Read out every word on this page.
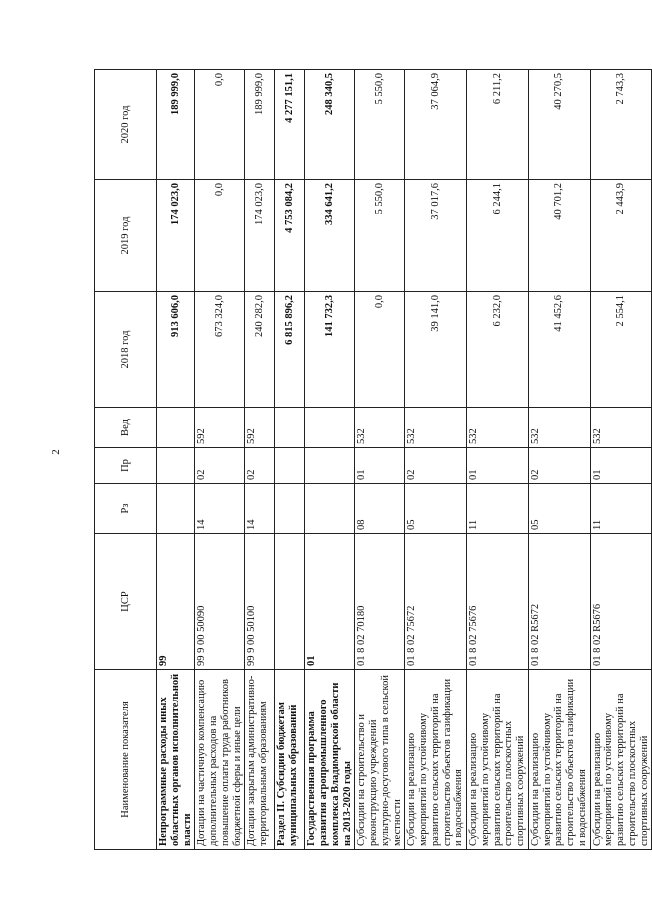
2
Наименование показателя	ЦСР	Рз	Пр	Вед	2018 год	2019 год	2020 год
Непрограммные расходы иных областных органов исполнительной власти	99				913 606,0	174 023,0	189 999,0
Дотации на частичную компенсацию дополнительных расходов на повышение оплаты труда работников бюджетной сферы и иные цели	99 9 00 50090	14	02	592	673 324,0	0,0	0,0
Дотации закрытым административно-территориальным образованиям	99 9 00 50100	14	02	592	240 282,0	174 023,0	189 999,0
Раздел II. Субсидии бюджетам муниципальных образований					6 815 896,2	4 753 084,2	4 277 151,1
Государственная программа развития агропромышленного комплекса Владимирской области на 2013-2020 годы	01				141 732,3	334 641,2	248 340,5
Субсидии на строительство и реконструкцию учреждений культурно-досугового типа в сельской местности	01 8 02 70180	08	01	532	0,0	5 550,0	5 550,0
Субсидии на реализацию мероприятий по устойчивому развитию сельских территорий на строительство объектов газификации и водоснабжения	01 8 02 75672	05	02	532	39 141,0	37 017,6	37 064,9
Субсидии на реализацию мероприятий по устойчивому развитию сельских территорий на строительство плоскостных спортивных сооружений	01 8 02 75676	11	01	532	6 232,0	6 244,1	6 211,2
Субсидии на реализацию мероприятий по устойчивому развитию сельских территорий на строительство объектов газификации и водоснабжения	01 8 02 R5672	05	02	532	41 452,6	40 701,2	40 270,5
Субсидии на реализацию мероприятий по устойчивому развитию сельских территорий на строительство плоскостных спортивных сооружений	01 8 02 R5676	11	01	532	2 554,1	2 443,9	2 743,3
